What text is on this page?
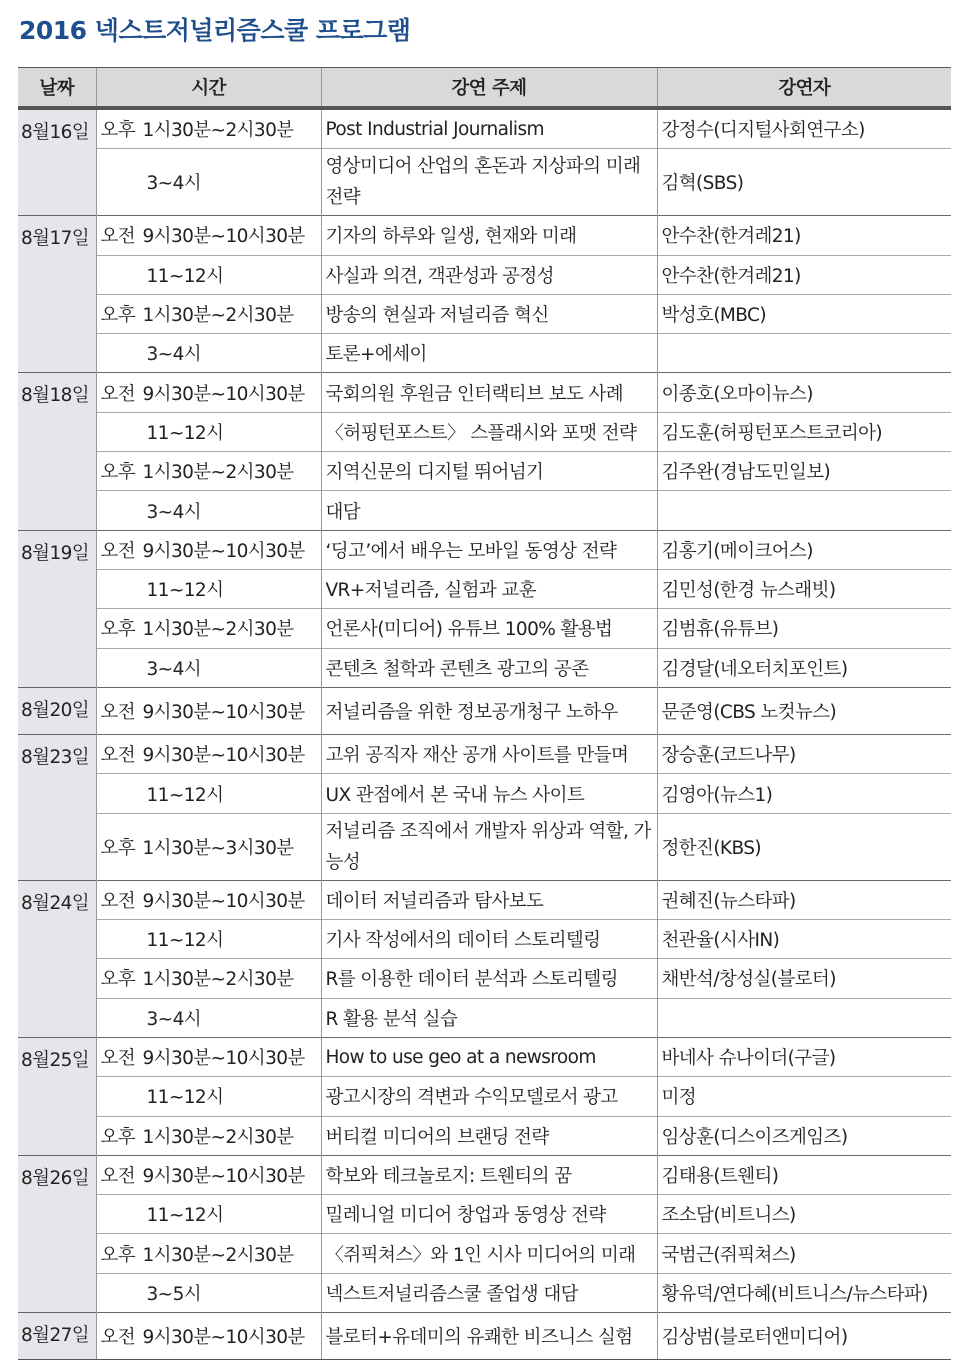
2016 넥스트저널리즘스쿨 프로그램
날짜	시간	강연 주제	강연자
8월16일	오후 1시30분~2시30분	Post Industrial Journalism	강정수(디지털사회연구소)
	3~4시	영상미디어 산업의 혼돈과 지상파의 미래 전략	김혁(SBS)
8월17일	오전 9시30분~10시30분	기자의 하루와 일생, 현재와 미래	안수찬(한겨레21)
	11~12시	사실과 의견, 객관성과 공정성	안수찬(한겨레21)
	오후 1시30분~2시30분	방송의 현실과 저널리즘 혁신	박성호(MBC)
	3~4시	토론+에세이	
8월18일	오전 9시30분~10시30분	국회의원 후원금 인터랙티브 보도 사례	이종호(오마이뉴스)
	11~12시	〈허핑턴포스트〉 스플래시와 포맷 전략	김도훈(허핑턴포스트코리아)
	오후 1시30분~2시30분	지역신문의 디지털 뛰어넘기	김주완(경남도민일보)
	3~4시	대담	
8월19일	오전 9시30분~10시30분	‘딩고’에서 배우는 모바일 동영상 전략	김홍기(메이크어스)
	11~12시	VR+저널리즘, 실험과 교훈	김민성(한경 뉴스래빗)
	오후 1시30분~2시30분	언론사(미디어) 유튜브 100% 활용법	김범휴(유튜브)
	3~4시	콘텐츠 철학과 콘텐츠 광고의 공존	김경달(네오터치포인트)
8월20일	오전 9시30분~10시30분	저널리즘을 위한 정보공개청구 노하우	문준영(CBS 노컷뉴스)
8월23일	오전 9시30분~10시30분	고위 공직자 재산 공개 사이트를 만들며	장승훈(코드나무)
	11~12시	UX 관점에서 본 국내 뉴스 사이트	김영아(뉴스1)
	오후 1시30분~3시30분	저널리즘 조직에서 개발자 위상과 역할, 가능성	정한진(KBS)
8월24일	오전 9시30분~10시30분	데이터 저널리즘과 탐사보도	권혜진(뉴스타파)
	11~12시	기사 작성에서의 데이터 스토리텔링	천관율(시사IN)
	오후 1시30분~2시30분	R를 이용한 데이터 분석과 스토리텔링	채반석/창성실(블로터)
	3~4시	R 활용 분석 실습	
8월25일	오전 9시30분~10시30분	How to use geo at a newsroom	바네사 슈나이더(구글)
	11~12시	광고시장의 격변과 수익모델로서 광고	미정
	오후 1시30분~2시30분	버티컬 미디어의 브랜딩 전략	임상훈(디스이즈게임즈)
8월26일	오전 9시30분~10시30분	학보와 테크놀로지: 트웬티의 꿈	김태용(트웬티)
	11~12시	밀레니얼 미디어 창업과 동영상 전략	조소담(비트니스)
	오후 1시30분~2시30분	〈쥐픽쳐스〉와 1인 시사 미디어의 미래	국범근(쥐픽쳐스)
	3~5시	넥스트저널리즘스쿨 졸업생 대담	황유덕/연다혜(비트니스/뉴스타파)
8월27일	오전 9시30분~10시30분	블로터+유데미의 유쾌한 비즈니스 실험	김상범(블로터앤미디어)
